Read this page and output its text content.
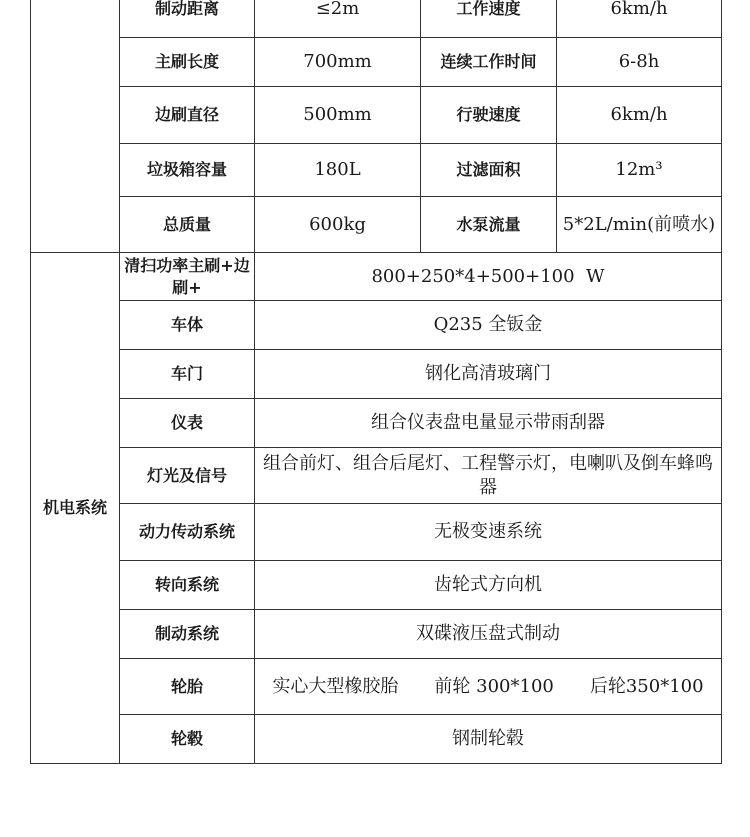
	制动距离	≤2m	工作速度	6km/h
	主刷长度	700mm	连续工作时间	6-8h
	边刷直径	500mm	行驶速度	6km/h
	垃圾箱容量	180L	过滤面积	12m³
	总质量	600kg	水泵流量	5*2L/min(前喷水)
机电系统	清扫功率主刷+边刷+	800+250*4+500+100  W		
	车体	Q235 全钣金		
	车门	钢化高清玻璃门		
	仪表	组合仪表盘电量显示带雨刮器		
	灯光及信号	组合前灯、组合后尾灯、工程警示灯，电喇叭及倒车蜂鸣器		
	动力传动系统	无极变速系统		
	转向系统	齿轮式方向机		
	制动系统	双碟液压盘式制动		
	轮胎	实心大型橡胶胎　　前轮 300*100　　后轮350*100		
	轮毂	钢制轮毂		
